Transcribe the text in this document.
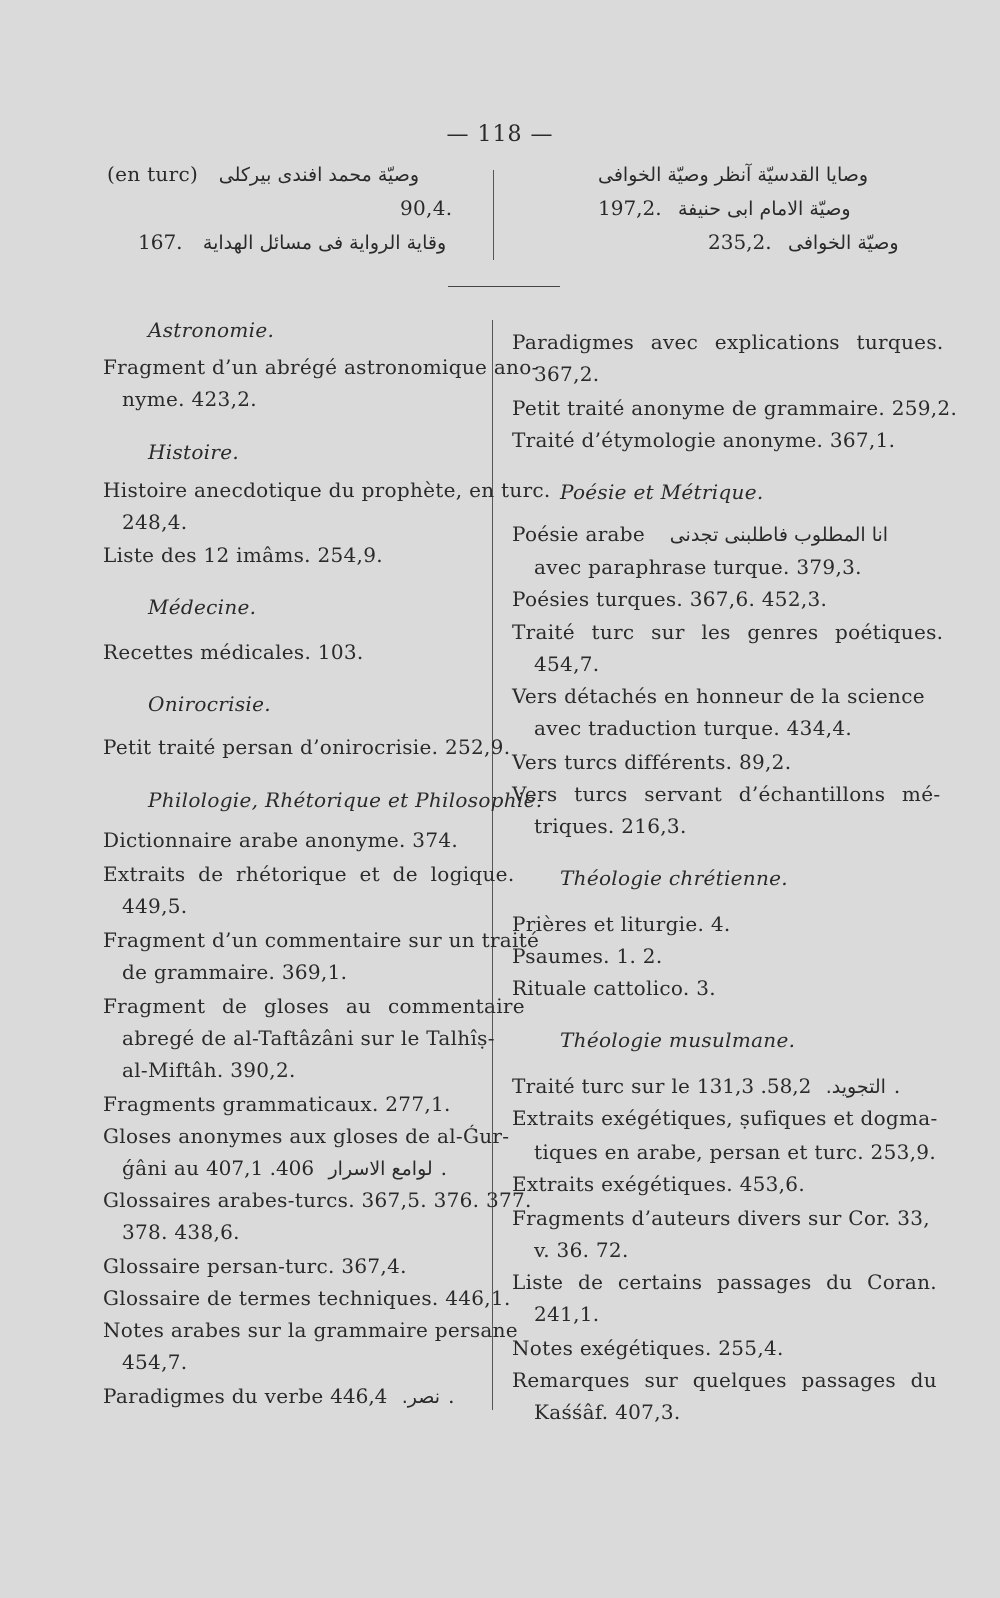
— 118 —
(en turc) وصيّة محمد افندى بيركلى
90,4.
167. وقاية الرواية فى مسائل الهداية
وصايا القدسيّة آنظر وصيّة الخوافى
197,2. وصيّة الامام ابى حنيفة
235,2. وصيّة الخوافى
Astronomie.
Fragment d’un abrégé astronomique ano-
nyme. 423,2.
Histoire.
Histoire anecdotique du prophète, en turc.
248,4.
Liste des 12 imâms. 254,9.
Médecine.
Recettes médicales. 103.
Onirocrisie.
Petit traité persan d’onirocrisie. 252,9.
Philologie, Rhétorique et Philosophie.
Dictionnaire arabe anonyme. 374.
Extraits de rhétorique et de logique.
449,5.
Fragment d’un commentaire sur un traité
de grammaire. 369,1.
Fragment de gloses au commentaire
abregé de al-Taftâzâni sur le Talhîṣ-
al-Miftâh. 390,2.
Fragments grammaticaux. 277,1.
Gloses anonymes aux gloses de al-Ǵur-
ǵâni au	لوامع الاسرار 406. 407,1.
Glossaires arabes-turcs. 367,5. 376. 377.
378. 438,6.
Glossaire persan-turc. 367,4.
Glossaire de termes techniques. 446,1.
Notes arabes sur la grammaire persane
454,7.
Paradigmes du verbe	نصر. 446,4.
Paradigmes avec explications turques.
367,2.
Petit traité anonyme de grammaire. 259,2.
Traité d’étymologie anonyme. 367,1.
Poésie et Métrique.
Poésie arabe انا المطلوب فاطلبنى تجدنى
avec paraphrase turque. 379,3.
Poésies turques. 367,6. 452,3.
Traité turc sur les genres poétiques.
454,7.
Vers détachés en honneur de la science
avec traduction turque. 434,4.
Vers turcs différents. 89,2.
Vers turcs servant d’échantillons mé-
triques. 216,3.
Théologie chrétienne.
Prières et liturgie. 4.
Psaumes. 1. 2.
Rituale cattolico. 3.
Théologie musulmane.
Traité turc sur le	التجويد. 58,2. 131,3.
Extraits exégétiques, ṣufiques et dogma-
tiques en arabe, persan et turc. 253,9.
Extraits exégétiques. 453,6.
Fragments d’auteurs divers sur Cor. 33,
v. 36. 72.
Liste de certains passages du Coran.
241,1.
Notes exégétiques. 255,4.
Remarques sur quelques passages du
Kaśśâf. 407,3.
